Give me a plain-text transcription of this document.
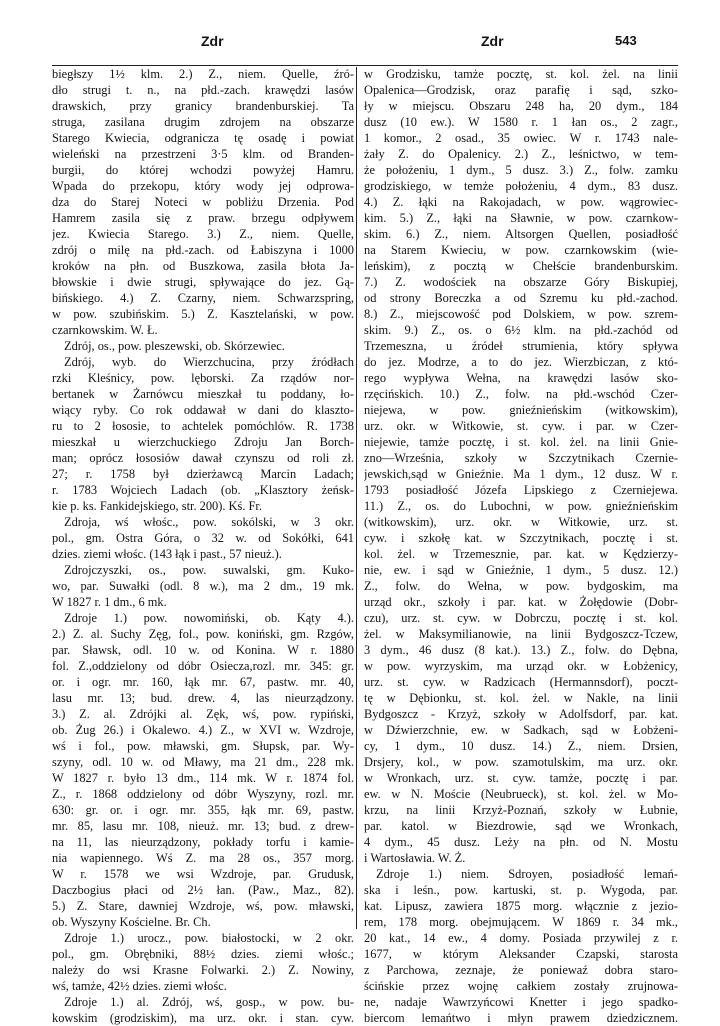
Zdr	Zdr	543
biegłszy 1½ klm. 2.) Z., niem. Quelle, źró-
dło strugi t. n., na płd.-zach. krawędzi lasów
drawskich, przy granicy brandenburskiej. Ta
struga, zasilana drugim zdrojem na obszarze
Starego Kwiecia, odgranicza tę osadę i powiat
wieleński na przestrzeni 3·5 klm. od Branden-
burgii, do której wchodzi powyżej Hamru.
Wpada do przekopu, który wody jej odprowa-
dza do Starej Noteci w pobliżu Drzenia. Pod
Hamrem zasila się z praw. brzegu odpływem
jez. Kwiecia Starego. 3.) Z., niem. Quelle,
zdrój o milę na płd.-zach. od Łabiszyna i 1000
kroków na płn. od Buszkowa, zasila błota Ja-
błowskie i dwie strugi, spływające do jez. Gą-
bińskiego. 4.) Z. Czarny, niem. Schwarzspring,
w pow. szubińskim. 5.) Z. Kasztelański, w pow.
czarnkowskim. W. Ł.
Zdrój, os., pow. pleszewski, ob. Skórzewiec.
Zdrój, wyb. do Wierzchucina, przy źródłach
rzki Kleśnicy, pow. lęborski. Za rządów nor-
bertanek w Żarnówcu mieszkał tu poddany, ło-
wiący ryby. Co rok oddawał w dani do klaszto-
ru to 2 łososie, to achtelek pomóchlów. R. 1738
mieszkał u wierzchuckiego Zdroju Jan Borch-
man; oprócz łososiów dawał czynszu od roli zł.
27; r. 1758 był dzierżawcą Marcin Ladach;
r. 1783 Wojciech Ladach (ob. „Klasztory żeńsk-
kie p. ks. Fankidejskiego, str. 200). Kś. Fr.
Zdroja, wś włośc., pow. sokólski, w 3 okr.
pol., gm. Ostra Góra, o 32 w. od Sokółki, 641
dzies. ziemi włośc. (143 łąk i past., 57 nieuż.).
Zdrojczyszki, os., pow. suwalski, gm. Kuko-
wo, par. Suwałki (odl. 8 w.), ma 2 dm., 19 mk.
W 1827 r. 1 dm., 6 mk.
Zdroje 1.) pow. nowomiński, ob. Kąty 4.).
2.) Z. al. Suchy Zęg, fol., pow. koniński, gm. Rzgów,
par. Sławsk, odl. 10 w. od Konina. W r. 1880
fol. Z.,oddzielony od dóbr Osiecza,rozl. mr. 345: gr.
or. i ogr. mr. 160, łąk mr. 67, pastw. mr. 40,
lasu mr. 13; bud. drew. 4, las nieurządzony.
3.) Z. al. Zdrójki al. Zęk, wś, pow. rypiński,
ob. Żug 26.) i Okalewo. 4.) Z., w XVI w. Wzdroje,
wś i fol., pow. mławski, gm. Słupsk, par. Wy-
szyny, odl. 10 w. od Mławy, ma 21 dm., 228 mk.
W 1827 r. było 13 dm., 114 mk. W r. 1874 fol.
Z., r. 1868 oddzielony od dóbr Wyszyny, rozl. mr.
630: gr. or. i ogr. mr. 355, łąk mr. 69, pastw.
mr. 85, lasu mr. 108, nieuż. mr. 13; bud. z drew-
na 11, las nieurządzony, pokłady torfu i kamie-
nia wapiennego. Wś Z. ma 28 os., 357 morg.
W r. 1578 we wsi Wzdroje, par. Grudusk,
Daczbogius płaci od 2½ łan. (Paw., Maz., 82).
5.) Z. Stare, dawniej Wzdroje, wś, pow. mławski,
ob. Wyszyny Kościelne. Br. Ch.
Zdroje 1.) urocz., pow. białostocki, w 2 okr.
pol., gm. Obrębniki, 88½ dzies. ziemi włośc.;
należy do wsi Krasne Folwarki. 2.) Z. Nowiny,
wś, tamże, 42½ dzies. ziemi włośc.
Zdroje 1.) al. Zdrój, wś, gosp., w pow. bu-
kowskim (grodziskim), ma urz. okr. i stan. cyw.
w Grodzisku, tamże pocztę, st. kol. żel. na linii
Opalenica—Grodzisk, oraz parafię i sąd, szko-
ły w miejscu. Obszaru 248 ha, 20 dym., 184
dusz (10 ew.). W 1580 r. 1 łan os., 2 zagr.,
1 komor., 2 osad., 35 owiec. W r. 1743 nale-
żały Z. do Opalenicy. 2.) Z., leśnictwo, w tem-
że położeniu, 1 dym., 5 dusz. 3.) Z., folw. zamku
grodziskiego, w temże położeniu, 4 dym., 83 dusz.
4.) Z. łąki na Rakojadach, w pow. wągrowiec-
kim. 5.) Z., łąki na Sławnie, w pow. czarnkow-
skim. 6.) Z., niem. Altsorgen Quellen, posiadłość
na Starem Kwieciu, w pow. czarnkowskim (wie-
leńskim), z pocztą w Chełście brandenburskim.
7.) Z. wodościek na obszarze Góry Biskupiej,
od strony Boreczka a od Szremu ku płd.-zachod.
8.) Z., miejscowość pod Dolskiem, w pow. szrem-
skim. 9.) Z., os. o 6½ klm. na płd.-zachód od
Trzemeszna, u źródeł strumienia, który spływa
do jez. Modrze, a to do jez. Wierzbiczan, z któ-
rego wypływa Wełna, na krawędzi lasów sko-
rzęcińskich. 10.) Z., folw. na płd.-wschód Czer-
niejewa, w pow. gnieźnieńskim (witkowskim),
urz. okr. w Witkowie, st. cyw. i par. w Czer-
niejewie, tamże pocztę, i st. kol. żel. na linii Gnie-
zno—Września, szkoły w Szczytnikach Czernie-
jewskich,sąd w Gnieźnie. Ma 1 dym., 12 dusz. W r.
1793 posiadłość Józefa Lipskiego z Czerniejewa.
11.) Z., os. do Lubochni, w pow. gnieźnieńskim
(witkowskim), urz. okr. w Witkowie, urz. st.
cyw. i szkołę kat. w Szczytnikach, pocztę i st.
kol. żel. w Trzemesznie, par. kat. w Kędzierzy-
nie, ew. i sąd w Gnieźnie, 1 dym., 5 dusz. 12.)
Z., folw. do Wełna, w pow. bydgoskim, ma
urząd okr., szkoły i par. kat. w Żołędowie (Dobr-
czu), urz. st. cyw. w Dobrczu, pocztę i st. kol.
żel. w Maksymilianowie, na linii Bydgoszcz-Tczew,
3 dym., 46 dusz (8 kat.). 13.) Z., folw. do Dębna,
w pow. wyrzyskim, ma urząd okr. w Łobżenicy,
urz. st. cyw. w Radzicach (Hermannsdorf), poczt-
tę w Dębionku, st. kol. żel. w Nakle, na linii
Bydgoszcz - Krzyż, szkoły w Adolfsdorf, par. kat.
w Dźwierzchnie, ew. w Sadkach, sąd w Łobżeni-
cy, 1 dym., 10 dusz. 14.) Z., niem. Drsien,
Drsjery, kol., w pow. szamotulskim, ma urz. okr.
w Wronkach, urz. st. cyw. tamże, pocztę i par.
ew. w N. Moście (Neubrueck), st. kol. żel. w Mo-
krzu, na linii Krzyż-Poznań, szkoły w Łubnie,
par. katol. w Biezdrowie, sąd we Wronkach,
4 dym., 45 dusz. Leży na płn. od N. Mostu
i Wartosławia. W. Ż.
Zdroje 1.) niem. Sdroyen, posiadłość lemań-
ska i leśn., pow. kartuski, st. p. Wygoda, par.
kat. Lipusz, zawiera 1875 morg. włącznie z jezio-
rem, 178 morg. obejmującem. W 1869 r. 34 mk.,
20 kat., 14 ew., 4 domy. Posiada przywilej z r.
1677, w którym Aleksander Czapski, starosta
z Parchowa, zeznaje, że poniewaź dobra staro-
ścińskie przez wojnę całkiem zostały zrujnowa-
ne, nadaje Wawrzyńcowi Knetter i jego spadko-
biercom lemańtwo i młyn prawem dziedzicznem.
